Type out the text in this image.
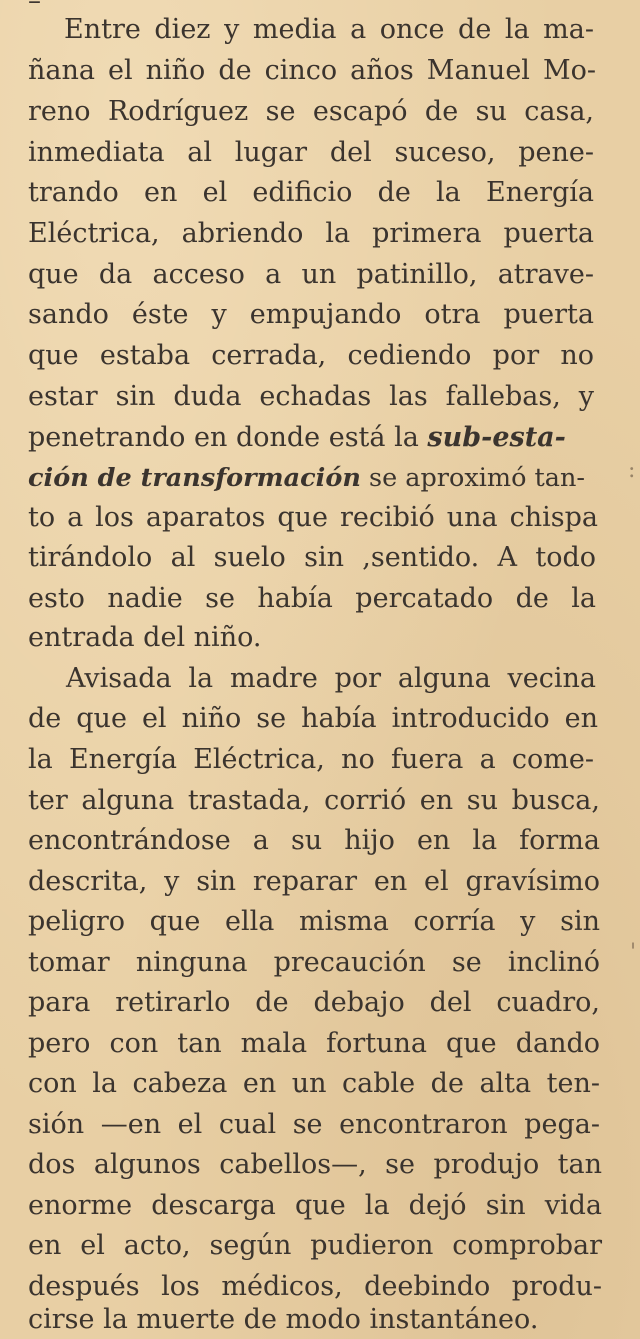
–
Entre diez y media a once de la ma-
ñana el niño de cinco años Manuel Mo-
reno Rodríguez se escapó de su casa,
inmediata al lugar del suceso, pene-
trando en el edificio de la Energía
Eléctrica, abriendo la primera puerta
que da acceso a un patinillo, atrave-
sando éste y empujando otra puerta
que estaba cerrada, cediendo por no
estar sin duda echadas las fallebas, y
penetrando en donde está la sub-esta-
ción de transformación se aproximó tan-
to a los aparatos que recibió una chispa
tirándolo al suelo sin ,sentido. A todo
esto nadie se había percatado de la
entrada del niño.
Avisada la madre por alguna vecina
de que el niño se había introducido en
la Energía Eléctrica, no fuera a come-
ter alguna trastada, corrió en su busca,
encontrándose a su hijo en la forma
descrita, y sin reparar en el gravísimo
peligro que ella misma corría y sin
tomar ninguna precaución se inclinó
para retirarlo de debajo del cuadro,
pero con tan mala fortuna que dando
con la cabeza en un cable de alta ten-
sión —en el cual se encontraron pega-
dos algunos cabellos—, se produjo tan
enorme descarga que la dejó sin vida
en el acto, según pudieron comprobar
después los médicos, deebindo produ-
cirse la muerte de modo instantáneo.
:
'
